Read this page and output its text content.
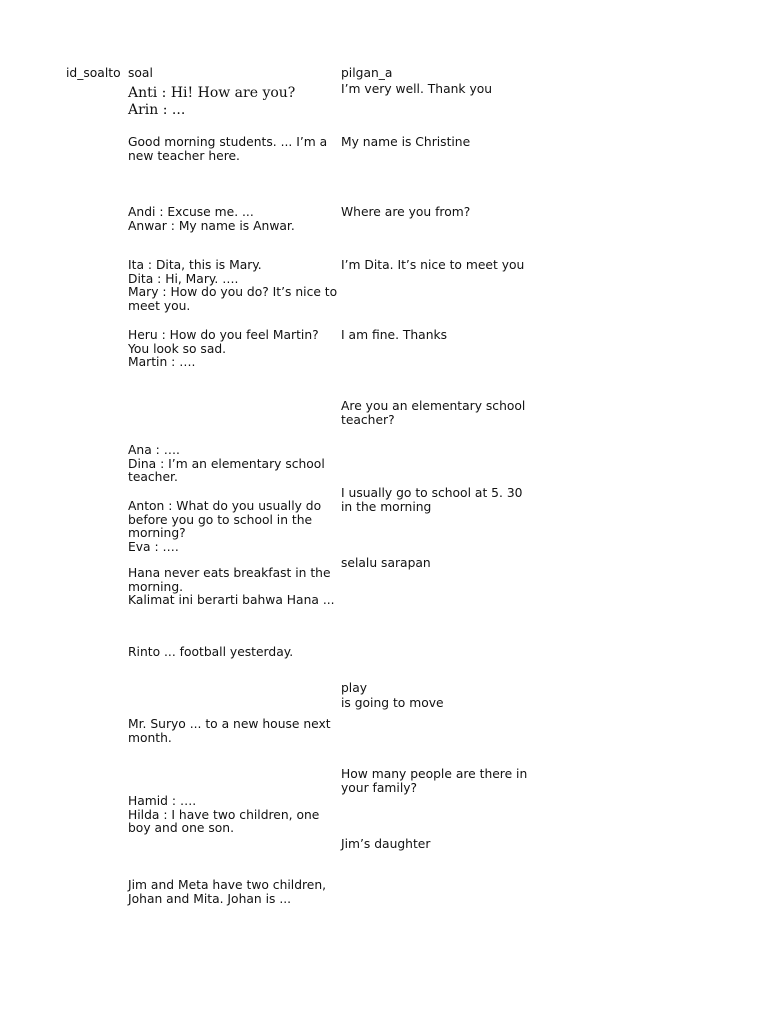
id_soalto soal	pilgan_a
Anti : Hi! How are you?
Arin : ...
Good morning students. ... I’m a new teacher here.
Andi : Excuse me. ...
Anwar : My name is Anwar.
Ita : Dita, this is Mary.
Dita : Hi, Mary. ….
Mary : How do you do? It’s nice to meet you.
Heru : How do you feel Martin? You look so sad.
Martin : ….
Ana : ….
Dina : I’m an elementary school teacher.
Anton : What do you usually do before you go to school in the morning?
Eva : ….
Hana never eats breakfast in the morning.
Kalimat ini berarti bahwa Hana ...
Rinto ... football yesterday.
Mr. Suryo ... to a new house next month.
Hamid : ….
Hilda : I have two children, one boy and one son.
Jim and Meta have two children, Johan and Mita. Johan is ...
I’m very well. Thank you
My name is Christine
Where are you from?
I’m Dita. It’s nice to meet you
I am fine. Thanks
Are you an elementary school teacher?
I usually go to school at 5. 30 in the morning
selalu sarapan
play
is going to move
How many people are there in your family?
Jim’s daughter
